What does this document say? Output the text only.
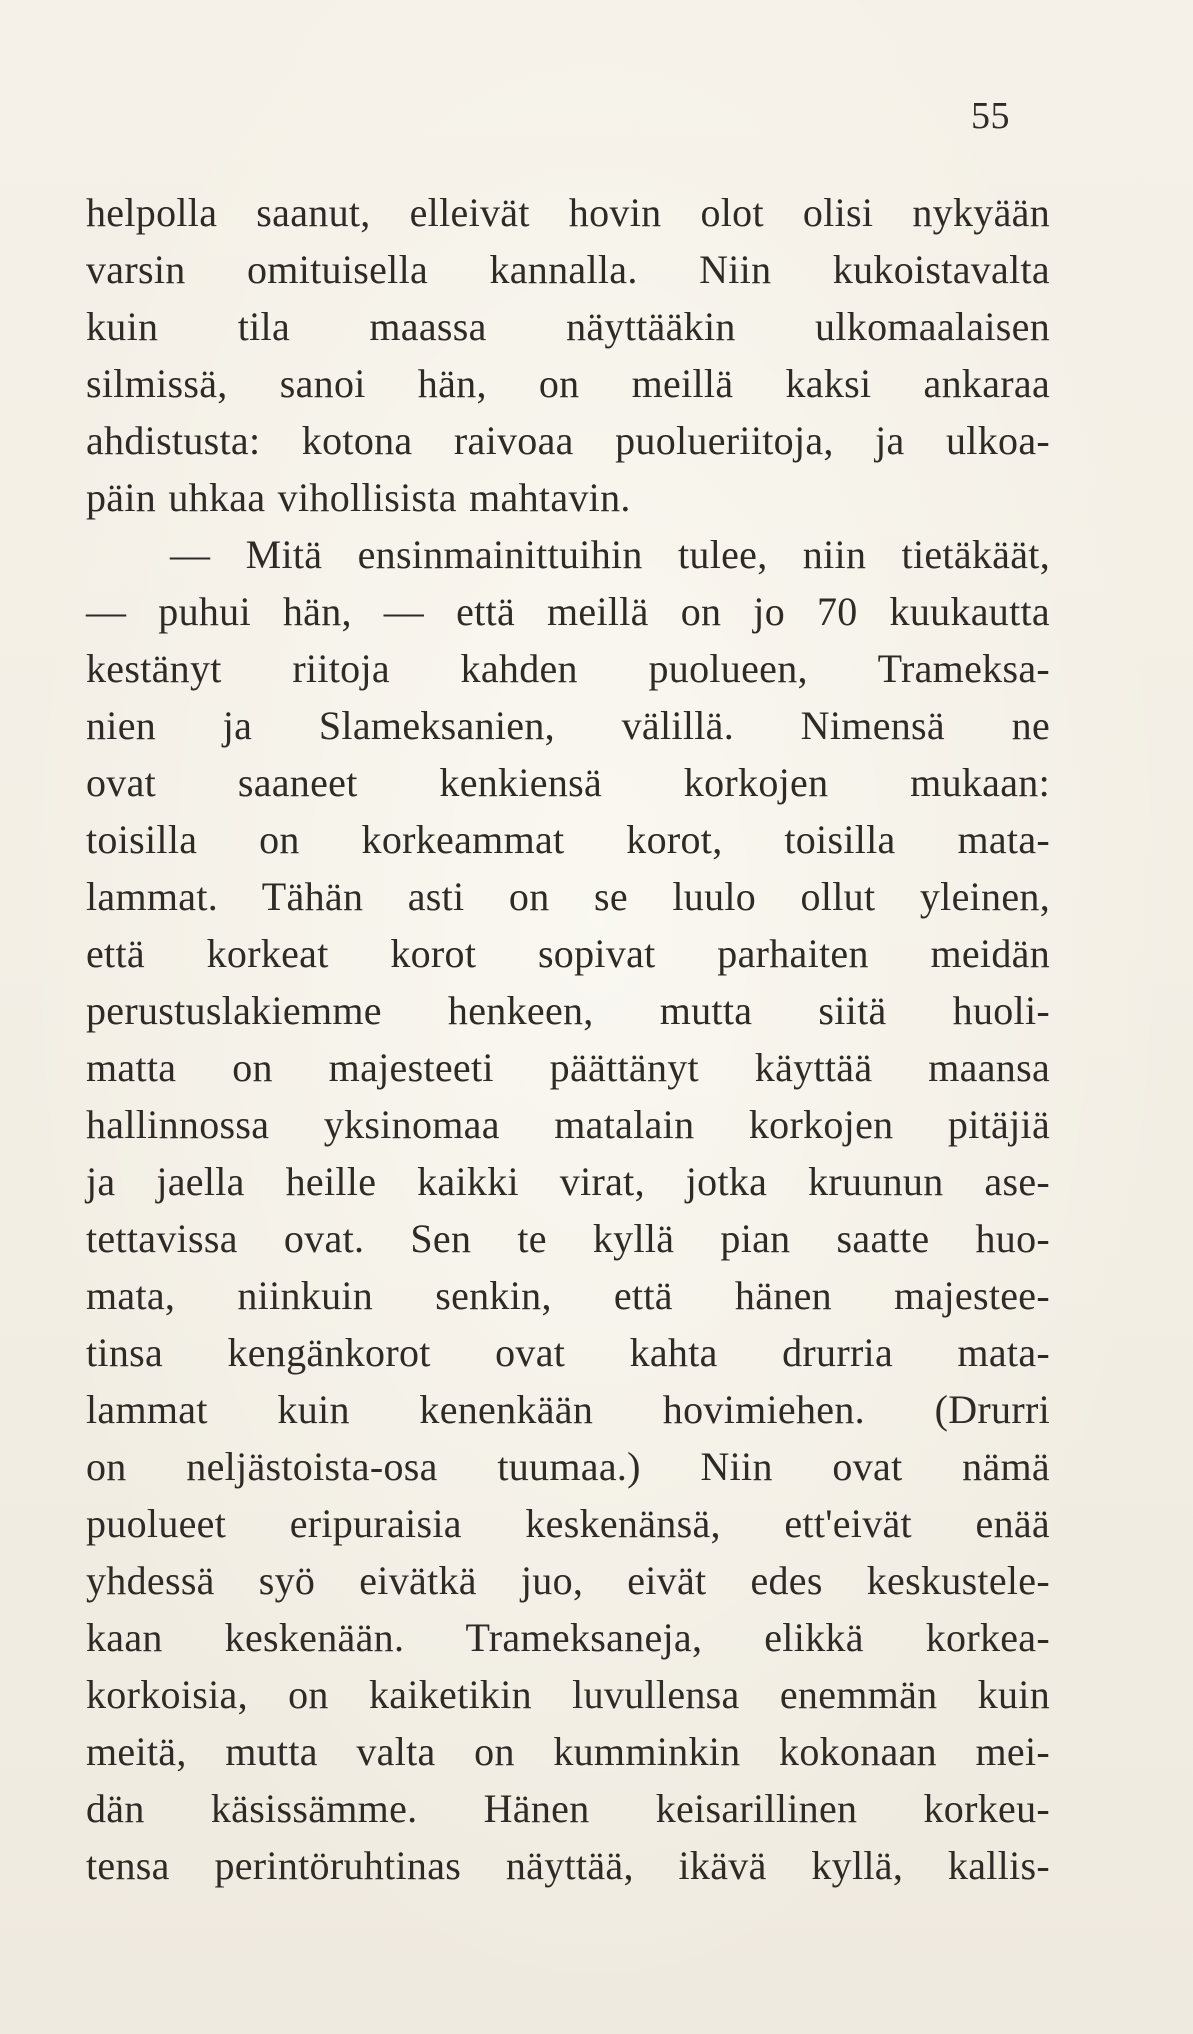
55
helpolla saanut, elleivät hovin olot olisi nykyään
varsin omituisella kannalla. Niin kukoistavalta
kuin tila maassa näyttääkin ulkomaalaisen
silmissä, sanoi hän, on meillä kaksi ankaraa
ahdistusta: kotona raivoaa puolueriitoja, ja ulkoa-
päin uhkaa vihollisista mahtavin.
— Mitä ensinmainittuihin tulee, niin tietäkäät,
— puhui hän, — että meillä on jo 70 kuukautta
kestänyt riitoja kahden puolueen, Trameksa-
nien ja Slameksanien, välillä. Nimensä ne
ovat saaneet kenkiensä korkojen mukaan:
toisilla on korkeammat korot, toisilla mata-
lammat. Tähän asti on se luulo ollut yleinen,
että korkeat korot sopivat parhaiten meidän
perustuslakiemme henkeen, mutta siitä huoli-
matta on majesteeti päättänyt käyttää maansa
hallinnossa yksinomaa matalain korkojen pitäjiä
ja jaella heille kaikki virat, jotka kruunun ase-
tettavissa ovat. Sen te kyllä pian saatte huo-
mata, niinkuin senkin, että hänen majestee-
tinsa kengänkorot ovat kahta drurria mata-
lammat kuin kenenkään hovimiehen. (Drurri
on neljästoista-osa tuumaa.) Niin ovat nämä
puolueet eripuraisia keskenänsä, ett'eivät enää
yhdessä syö eivätkä juo, eivät edes keskustele-
kaan keskenään. Trameksaneja, elikkä korkea-
korkoisia, on kaiketikin luvullensa enemmän kuin
meitä, mutta valta on kumminkin kokonaan mei-
dän käsissämme. Hänen keisarillinen korkeu-
tensa perintöruhtinas näyttää, ikävä kyllä, kallis-
